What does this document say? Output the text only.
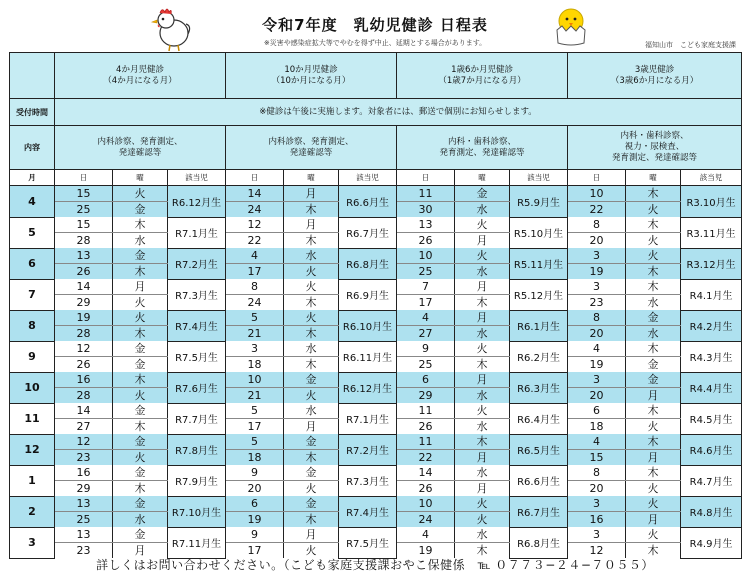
令和7年度　乳幼児健診 日程表
※災害や感染症拡大等でやむを得ず中止、延期とする場合があります。	福知山市　こども家庭支援課

	4か月児健診
（4か月になる月）			10か月児健診
（10か月になる月）			1歳6か月児健診
（1歳7か月になる月）			3歳児健診
（3歳6か月になる月）		

受付時間	※健診は午後に実施します。対象者には、郵送で個別にお知らせします。											
内容	内科診察、発育測定、
発達確認等			内科診察、発育測定、
発達確認等			内科・歯科診察、
発育測定、発達確認等			内科・歯科診察、
視力・尿検査、
発育測定、発達確認等		

月	日	曜	該当児	日	曜	該当児	日	曜	該当児	日	曜	該当児
4	15	火	R6.12月生	14	月	R6.6月生	11	金	R5.9月生	10	木	R3.10月生
	25	金		24	木		30	水		22	火	
5	15	木	R7.1月生	12	月	R6.7月生	13	火	R5.10月生	8	木	R3.11月生
	28	水		22	木		26	月		20	火	
6	13	金	R7.2月生	4	水	R6.8月生	10	火	R5.11月生	3	火	R3.12月生
	26	木		17	火		25	水		19	木	
7	14	月	R7.3月生	8	火	R6.9月生	7	月	R5.12月生	3	木	R4.1月生
	29	火		24	木		17	木		23	水	
8	19	火	R7.4月生	5	火	R6.10月生	4	月	R6.1月生	8	金	R4.2月生
	28	木		21	木		27	水		20	水	
9	12	金	R7.5月生	3	水	R6.11月生	9	火	R6.2月生	4	木	R4.3月生
	26	金		18	木		25	木		19	金	
10	16	木	R7.6月生	10	金	R6.12月生	6	月	R6.3月生	3	金	R4.4月生
	28	火		21	火		29	水		20	月	
11	14	金	R7.7月生	5	水	R7.1月生	11	火	R6.4月生	6	木	R4.5月生
	27	木		17	月		26	水		18	火	
12	12	金	R7.8月生	5	金	R7.2月生	11	木	R6.5月生	4	木	R4.6月生
	23	火		18	木		22	月		15	月	
1	16	金	R7.9月生	9	金	R7.3月生	14	水	R6.6月生	8	木	R4.7月生
	29	木		20	火		26	月		20	火	
2	13	金	R7.10月生	6	金	R7.4月生	10	火	R6.7月生	3	火	R4.8月生
	25	水		19	木		24	火		16	月	
3	13	金	R7.11月生	9	月	R7.5月生	4	水	R6.8月生	3	火	R4.9月生
	23	月		17	火		19	木		12	木	
詳しくはお問い合わせください。（こども家庭支援課おやこ保健係　℡ ０７７３−２４−７０５５）
